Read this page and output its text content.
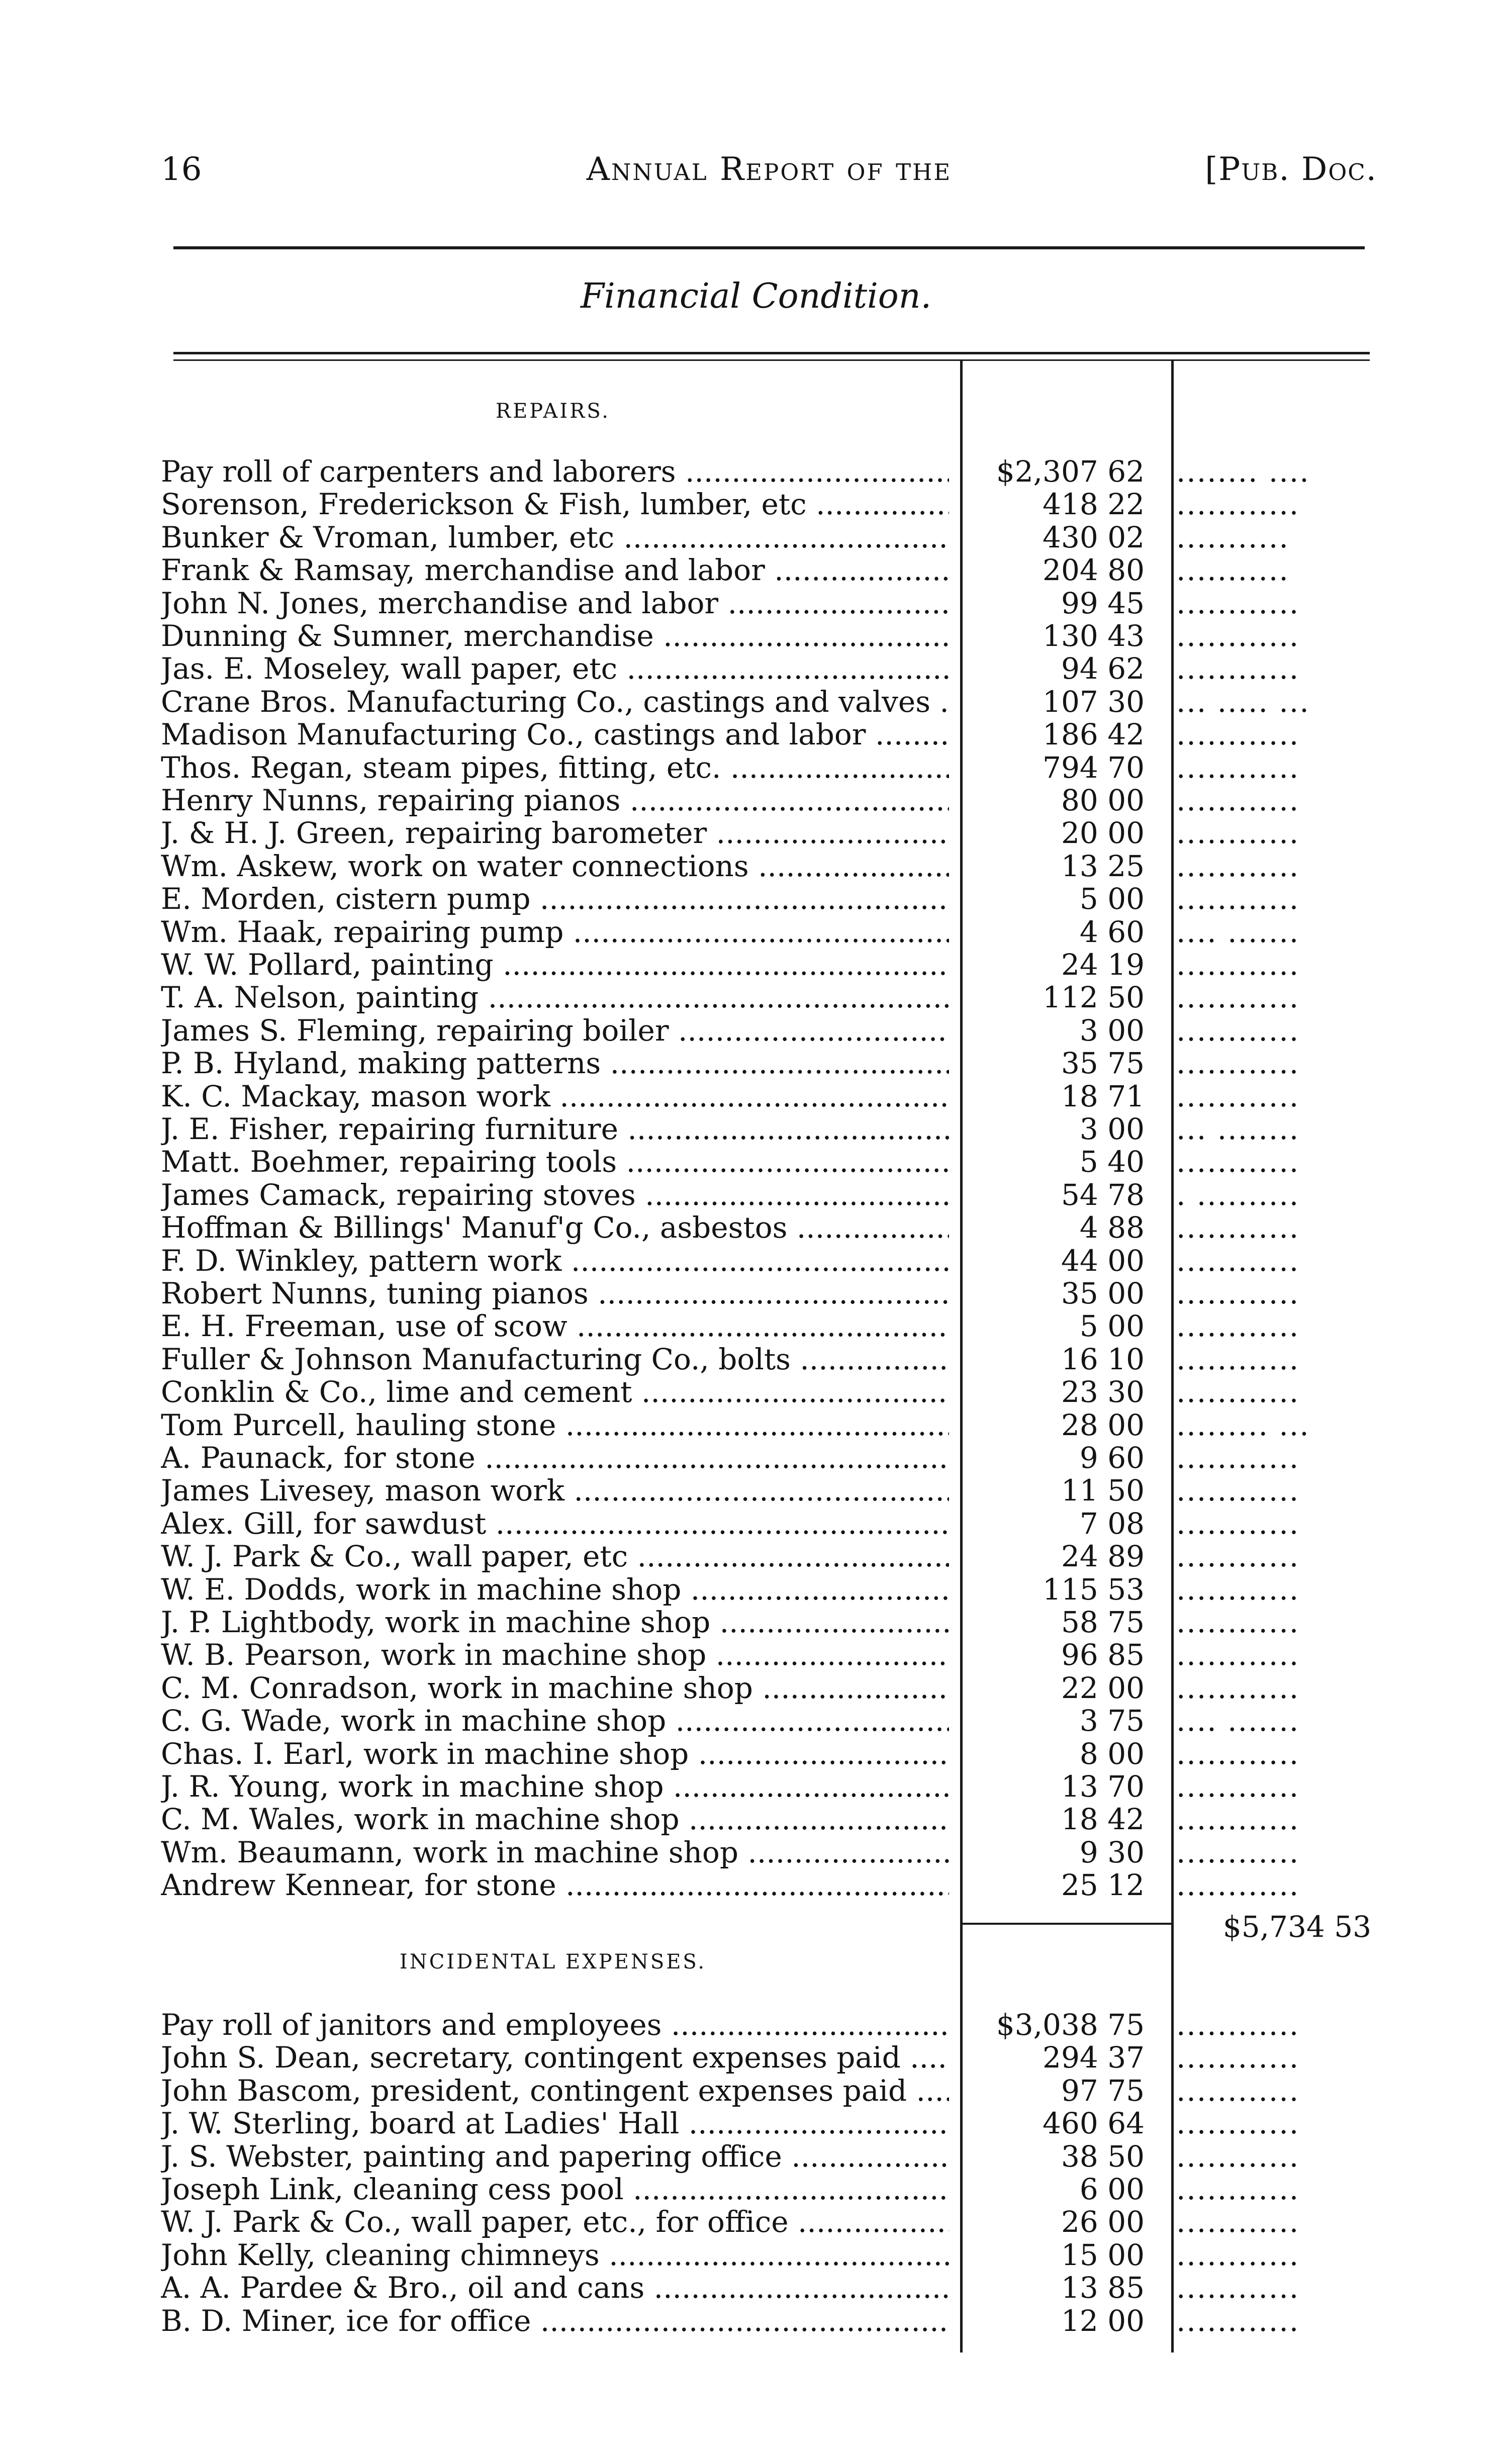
16	Annual Report of the	[Pub. Doc.
Financial Condition.
REPAIRS.
Pay roll of carpenters and laborers .....	$2,307 62 ........ ....
Sorenson, Frederickson & Fish, lumber, etc .....	418 22 ............
Bunker & Vroman, lumber, etc .....	430 02 ...........
Frank & Ramsay, merchandise and labor .....	204 80 ...........
John N. Jones, merchandise and labor .....	99 45 ............
Dunning & Sumner, merchandise .....	130 43 ............
Jas. E. Moseley, wall paper, etc .....	94 62 ............
Crane Bros. Manufacturing Co., castings and valves .....	107 30 ... ..... ...
Madison Manufacturing Co., castings and labor .....	186 42 ............
Thos. Regan, steam pipes, fitting, etc. .....	794 70 ............
Henry Nunns, repairing pianos .....	80 00 ............
J. & H. J. Green, repairing barometer .....	20 00 ............
Wm. Askew, work on water connections .....	13 25 ............
E. Morden, cistern pump .....	5 00 ............
Wm. Haak, repairing pump .....	4 60 .... .......
W. W. Pollard, painting .....	24 19 ............
T. A. Nelson, painting .....	112 50 ............
James S. Fleming, repairing boiler .....	3 00 ............
P. B. Hyland, making patterns .....	35 75 ............
K. C. Mackay, mason work .....	18 71 ............
J. E. Fisher, repairing furniture .....	3 00 ... ........
Matt. Boehmer, repairing tools .....	5 40 ............
James Camack, repairing stoves .....	54 78 . ..........
Hoffman & Billings' Manuf'g Co., asbestos .....	4 88 ............
F. D. Winkley, pattern work .....	44 00 ............
Robert Nunns, tuning pianos .....	35 00 ............
E. H. Freeman, use of scow .....	5 00 ............
Fuller & Johnson Manufacturing Co., bolts .....	16 10 ............
Conklin & Co., lime and cement .....	23 30 ............
Tom Purcell, hauling stone .....	28 00 ......... ...
A. Paunack, for stone .....	9 60 ............
James Livesey, mason work .....	11 50 ............
Alex. Gill, for sawdust .....	7 08 ............
W. J. Park & Co., wall paper, etc .....	24 89 ............
W. E. Dodds, work in machine shop .....	115 53 ............
J. P. Lightbody, work in machine shop .....	58 75 ............
W. B. Pearson, work in machine shop .....	96 85 ............
C. M. Conradson, work in machine shop .....	22 00 ............
C. G. Wade, work in machine shop .....	3 75 .... .......
Chas. I. Earl, work in machine shop .....	8 00 ............
J. R. Young, work in machine shop .....	13 70 ............
C. M. Wales, work in machine shop .....	18 42 ............
Wm. Beaumann, work in machine shop .....	9 30 ............
Andrew Kennear, for stone .....	25 12 ............
$5,734 53
INCIDENTAL EXPENSES.
Pay roll of janitors and employees .....	$3,038 75 ............
John S. Dean, secretary, contingent expenses paid .....	294 37 ............
John Bascom, president, contingent expenses paid .....	97 75 ............
J. W. Sterling, board at Ladies' Hall .....	460 64 ............
J. S. Webster, painting and papering office .....	38 50 ............
Joseph Link, cleaning cess pool .....	6 00 ............
W. J. Park & Co., wall paper, etc., for office .....	26 00 ............
John Kelly, cleaning chimneys .....	15 00 ............
A. A. Pardee & Bro., oil and cans .....	13 85 ............
B. D. Miner, ice for office .....	12 00 ............
